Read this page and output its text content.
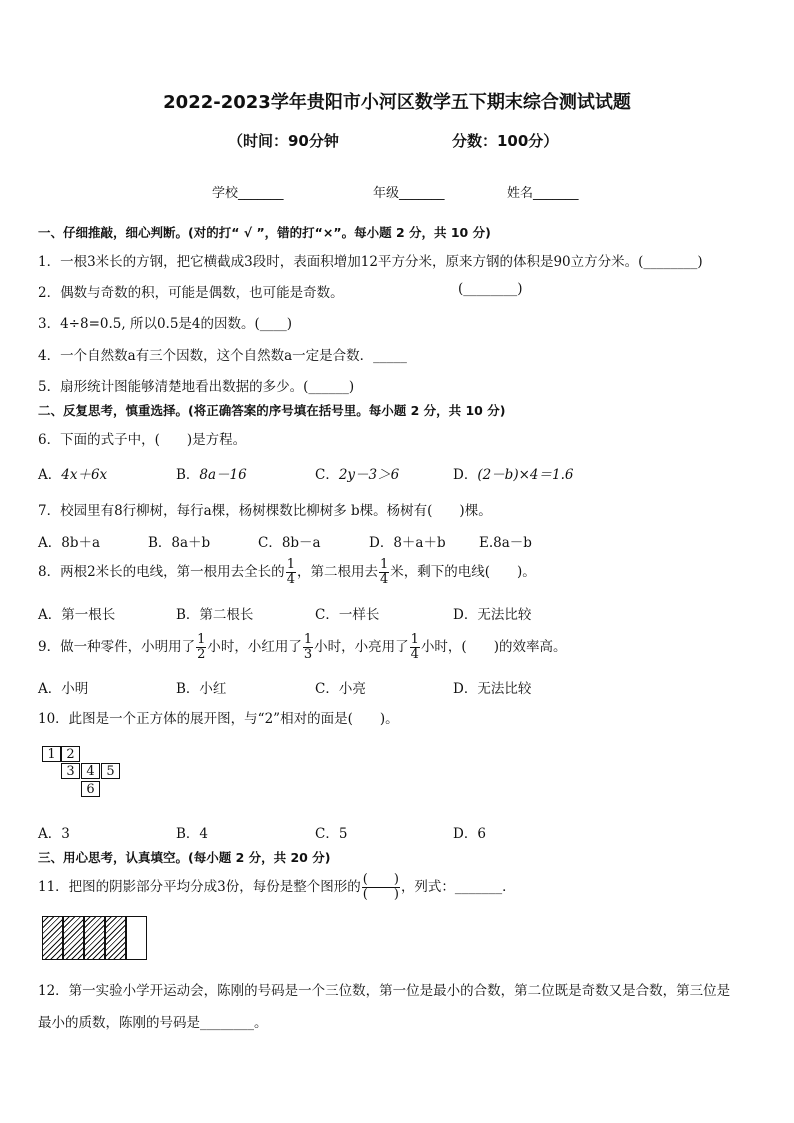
2022-2023学年贵阳市小河区数学五下期末综合测试试题
（时间：90分钟	分数：100分）
学校_______	年级_______	姓名_______
一、仔细推敲，细心判断。(对的打“ √ ”，错的打“×”。每小题 2 分，共 10 分)
1．一根3米长的方钢，把它横截成3段时，表面积增加12平方分米，原来方钢的体积是90立方分米。(________)
2．偶数与奇数的积，可能是偶数，也可能是奇数。	(________)
3．4÷8=0.5, 所以0.5是4的因数。(____)
4．一个自然数a有三个因数，这个自然数a一定是合数．_____
5．扇形统计图能够清楚地看出数据的多少。(______)
二、反复思考，慎重选择。(将正确答案的序号填在括号里。每小题 2 分，共 10 分)
6．下面的式子中，(　　)是方程。
A．4x＋6x	B．8a－16	C．2y－3＞6	D．(2－b)×4＝1.6
7．校园里有8行柳树，每行a棵，杨树棵数比柳树多 b棵。杨树有(　　)棵。
A．8b＋a	B．8a＋b	C．8b－a	D．8＋a＋b E.8a－b
8．两根2米长的电线，第一根用去全长的 $\frac{1}{4}$ ，第二根用去 $\frac{1}{4}$ 米，剩下的电线(　　)。
A．第一根长	B．第二根长	C．一样长	D．无法比较
9．做一种零件，小明用了 $\frac{1}{2}$ 小时，小红用了 $\frac{1}{3}$ 小时，小亮用了 $\frac{1}{4}$ 小时，(　　)的效率高。
A．小明	B．小红	C．小亮	D．无法比较
10．此图是一个正方体的展开图，与“2”相对的面是(　　)。
1 2
3 4 5
6
A．3	B．4	C．5	D．6
三、用心思考，认真填空。(每小题 2 分，共 20 分)
11．把图的阴影部分平均分成3份，每份是整个图形的 $\frac{( )}{( )}$ ，列式：_______．
12．第一实验小学开运动会，陈刚的号码是一个三位数，第一位是最小的合数，第二位既是奇数又是合数，第三位是
最小的质数，陈刚的号码是________。
